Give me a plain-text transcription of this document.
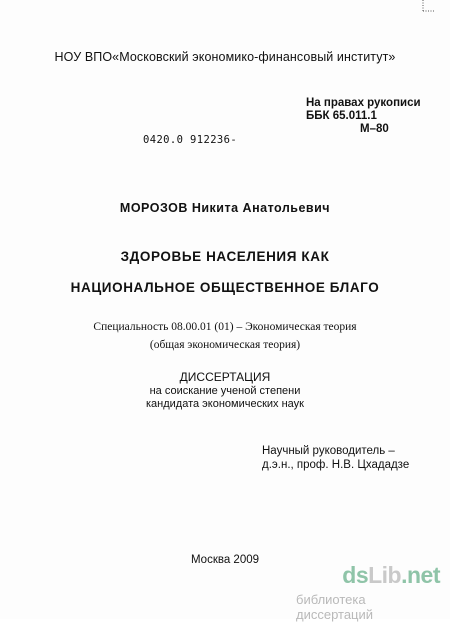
НОУ ВПО«Московский экономико-финансовый институт»
На правах рукописи
ББК 65.011.1
М–80
0420.0 912236-
МОРОЗОВ Никита Анатольевич
ЗДОРОВЬЕ НАСЕЛЕНИЯ КАК
НАЦИОНАЛЬНОЕ ОБЩЕСТВЕННОЕ БЛАГО
Специальность 08.00.01 (01) – Экономическая теория
(общая экономическая теория)
ДИССЕРТАЦИЯ
на соискание ученой степени
кандидата экономических наук
Научный руководитель –
д.э.н., проф. Н.В. Цхададзе
Москва 2009
dsLib.net
библиотека диссертаций
